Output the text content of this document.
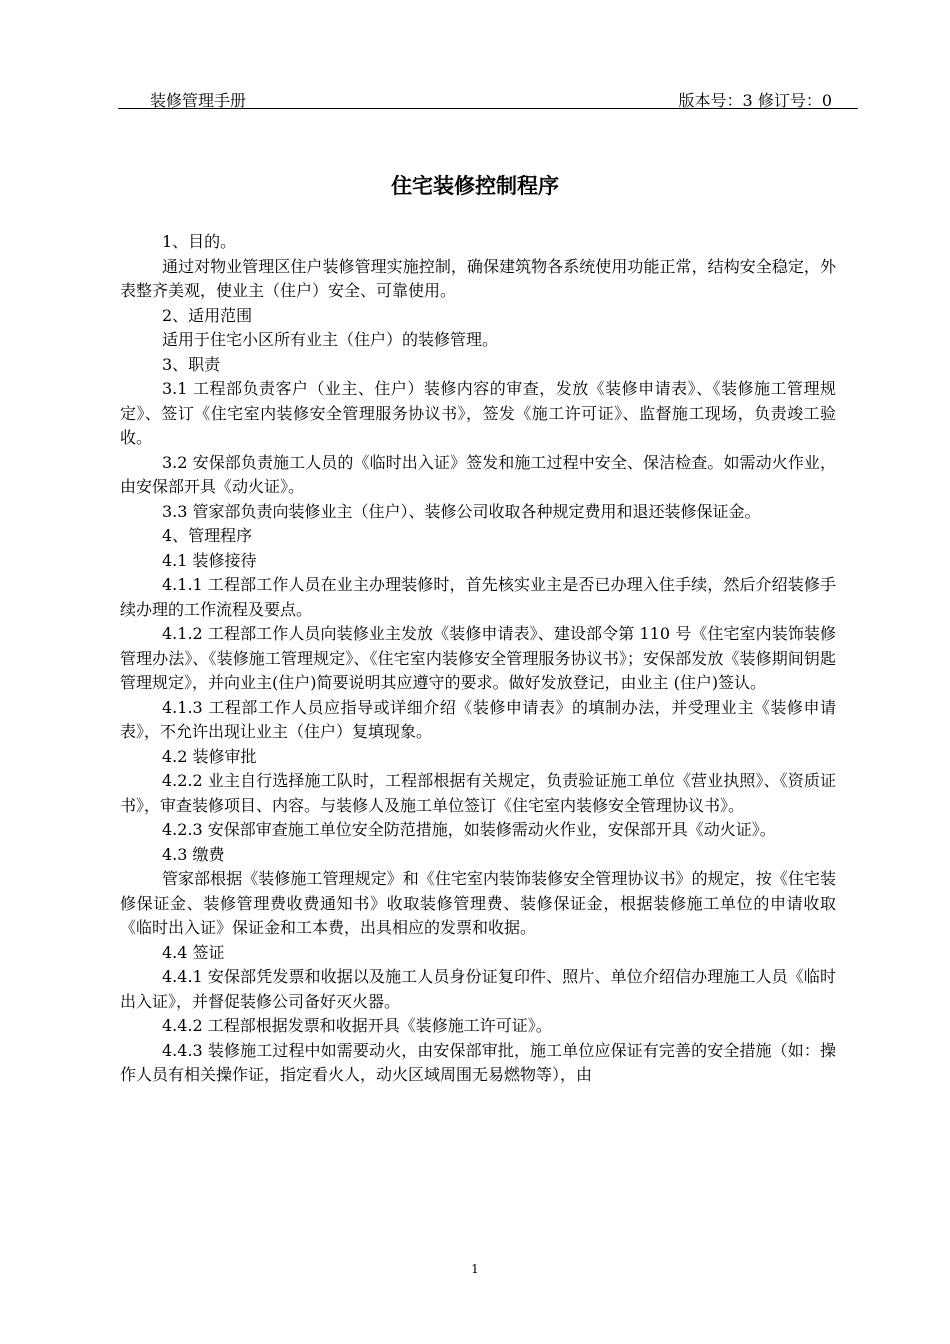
装修管理手册	版本号：3 修订号：0
住宅装修控制程序

1、目的。

通过对物业管理区住户装修管理实施控制，确保建筑物各系统使用功能正常，结构安全稳定，外表整齐美观，使业主（住户）安全、可靠使用。

2、适用范围

适用于住宅小区所有业主（住户）的装修管理。

3、职责

3.1 工程部负责客户（业主、住户）装修内容的审查，发放《装修申请表》、《装修施工管理规定》、签订《住宅室内装修安全管理服务协议书》，签发《施工许可证》、监督施工现场，负责竣工验收。

3.2 安保部负责施工人员的《临时出入证》签发和施工过程中安全、保洁检查。如需动火作业，由安保部开具《动火证》。

3.3 管家部负责向装修业主（住户）、装修公司收取各种规定费用和退还装修保证金。

4、管理程序

4.1 装修接待

4.1.1 工程部工作人员在业主办理装修时，首先核实业主是否已办理入住手续，然后介绍装修手续办理的工作流程及要点。

4.1.2 工程部工作人员向装修业主发放《装修申请表》、建设部令第 110 号《住宅室内装饰装修管理办法》、《装修施工管理规定》、《住宅室内装修安全管理服务协议书》；安保部发放《装修期间钥匙管理规定》，并向业主(住户)简要说明其应遵守的要求。做好发放登记，由业主 (住户)签认。

4.1.3 工程部工作人员应指导或详细介绍《装修申请表》的填制办法，并受理业主《装修申请表》，不允许出现让业主（住户）复填现象。

4.2 装修审批

4.2.2 业主自行选择施工队时，工程部根据有关规定，负责验证施工单位《营业执照》、《资质证书》，审查装修项目、内容。与装修人及施工单位签订《住宅室内装修安全管理协议书》。

4.2.3 安保部审查施工单位安全防范措施，如装修需动火作业，安保部开具《动火证》。

4.3 缴费

管家部根据《装修施工管理规定》和《住宅室内装饰装修安全管理协议书》的规定，按《住宅装修保证金、装修管理费收费通知书》收取装修管理费、装修保证金，根据装修施工单位的申请收取《临时出入证》保证金和工本费，出具相应的发票和收据。

4.4 签证

4.4.1 安保部凭发票和收据以及施工人员身份证复印件、照片、单位介绍信办理施工人员《临时出入证》，并督促装修公司备好灭火器。

4.4.2 工程部根据发票和收据开具《装修施工许可证》。

4.4.3 装修施工过程中如需要动火，由安保部审批，施工单位应保证有完善的安全措施（如：操作人员有相关操作证，指定看火人，动火区域周围无易燃物等），由

1
